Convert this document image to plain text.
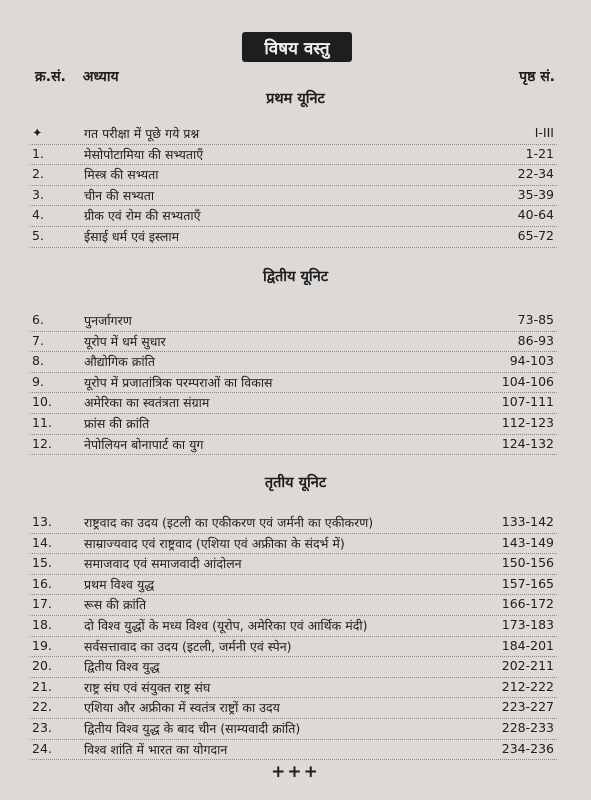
विषय वस्तु
क्र.सं. अध्याय	पृष्ठ सं.
प्रथम यूनिट
✦	गत परीक्षा में पूछे गये प्रश्न	I-III
1.	मेसोपोटामिया की सभ्यताएँ	1-21
2.	मिस्त्र की सभ्यता	22-34
3.	चीन की सभ्यता	35-39
4.	ग्रीक एवं रोम की सभ्यताएँ	40-64
5.	ईसाई धर्म एवं इस्लाम	65-72
द्वितीय यूनिट
6.	पुनर्जागरण	73-85
7.	यूरोप में धर्म सुधार	86-93
8.	औद्योगिक क्रांति	94-103
9.	यूरोप में प्रजातांत्रिक परम्पराओं का विकास	104-106
10.	अमेरिका का स्वतंत्रता संग्राम	107-111
11.	फ्रांस की क्रांति	112-123
12.	नेपोलियन बोनापार्ट का युग	124-132
तृतीय यूनिट
13.	राष्ट्रवाद का उदय (इटली का एकीकरण एवं जर्मनी का एकीकरण)	133-142
14.	साम्राज्यवाद एवं राष्ट्रवाद (एशिया एवं अफ्रीका के संदर्भ में)	143-149
15.	समाजवाद एवं समाजवादी आंदोलन	150-156
16.	प्रथम विश्व युद्ध	157-165
17.	रूस की क्रांति	166-172
18.	दो विश्व युद्धों के मध्य विश्व (यूरोप, अमेरिका एवं आर्थिक मंदी)	173-183
19.	सर्वसत्तावाद का उदय (इटली, जर्मनी एवं स्पेन)	184-201
20.	द्वितीय विश्व युद्ध	202-211
21.	राष्ट्र संघ एवं संयुक्त राष्ट्र संघ	212-222
22.	एशिया और अफ्रीका में स्वतंत्र राष्ट्रों का उदय	223-227
23.	द्वितीय विश्व युद्ध के बाद चीन (साम्यवादी क्रांति)	228-233
24.	विश्व शांति में भारत का योगदान	234-236
+++
